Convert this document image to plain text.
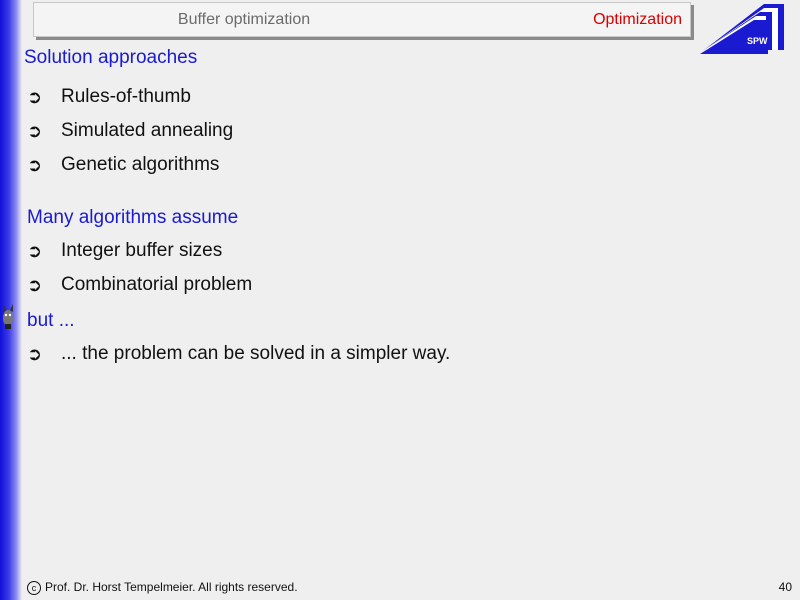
Buffer optimization	Optimization
SPW
Solution approaches
➲ Rules-of-thumb
➲ Simulated annealing
➲ Genetic algorithms
Many algorithms assume
➲ Integer buffer sizes
➲ Combinatorial problem
but ...
➲ ... the problem can be solved in a simpler way.
c Prof. Dr. Horst Tempelmeier. All rights reserved.	40
